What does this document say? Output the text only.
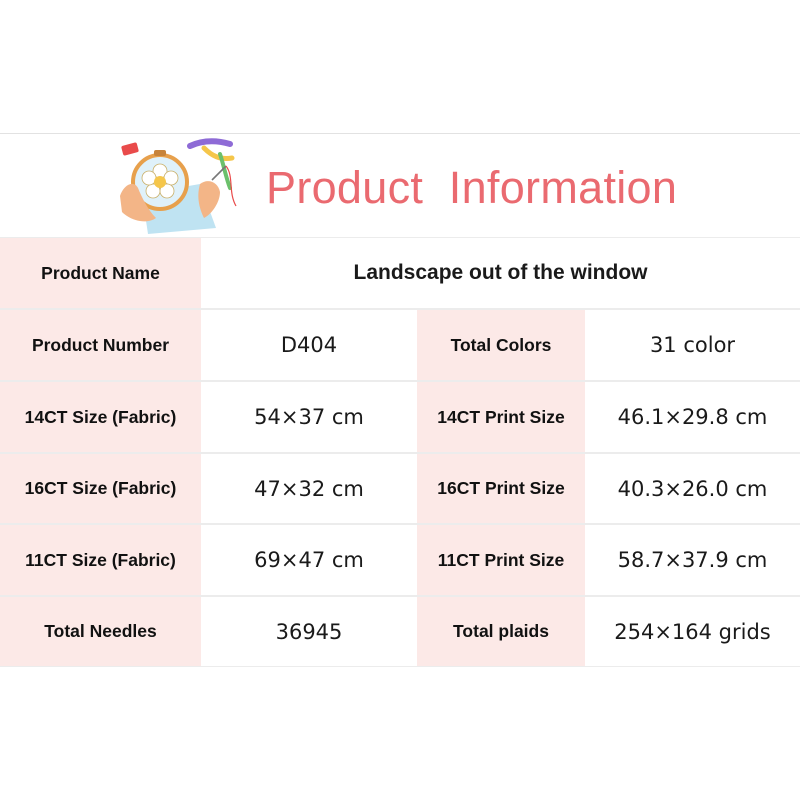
Product  Information
Product Name	Landscape out of the window
Product Number	D404	Total Colors	31 color
14CT Size (Fabric)	54×37 cm	14CT Print Size	46.1×29.8 cm
16CT Size (Fabric)	47×32 cm	16CT Print Size	40.3×26.0 cm
11CT Size (Fabric)	69×47 cm	11CT Print Size	58.7×37.9 cm
Total Needles	36945	Total plaids	254×164 grids
